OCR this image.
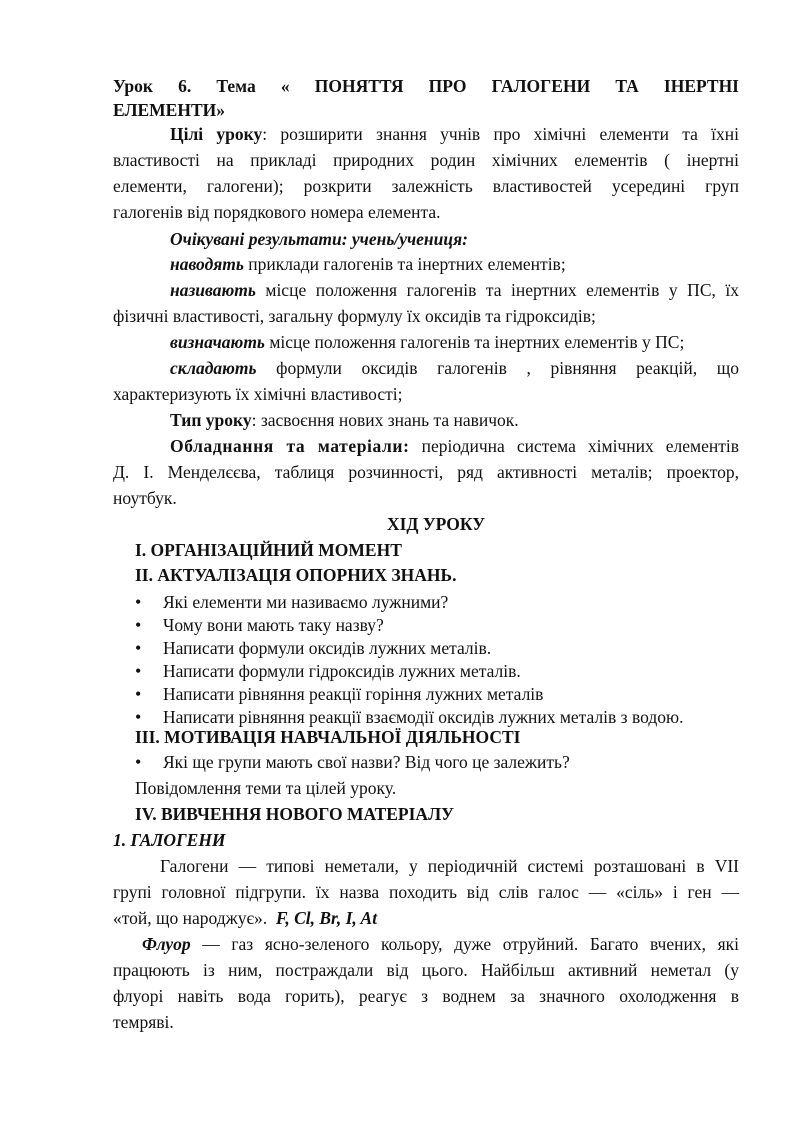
Урок 6. Тема « ПОНЯТТЯ ПРО ГАЛОГЕНИ ТА ІНЕРТНІ
ЕЛЕМЕНТИ»
Цілі уроку: розширити знання учнів про хімічні елементи та їхні
властивості на прикладі природних родин хімічних елементів ( інертні
елементи, галогени); розкрити залежність властивостей усередині груп
галогенів від порядкового номера елемента.
Очікувані результати: учень/учениця:
наводять приклади галогенів та інертних елементів;
називають місце положення галогенів та інертних елементів у ПС, їх
фізичні властивості, загальну формулу їх оксидів та гідроксидів;
визначають місце положення галогенів та інертних елементів у ПС;
складають формули оксидів галогенів , рівняння реакцій, що
характеризують їх хімічні властивості;
Тип уроку: засвоєння нових знань та навичок.
Обладнання та матеріали: періодична система хімічних елементів
Д. І. Менделєєва, таблиця розчинності, ряд активності металів; проектор,
ноутбук.
ХІД УРОКУ
І. ОРГАНІЗАЦІЙНИЙ МОМЕНТ
ІІ. АКТУАЛІЗАЦІЯ ОПОРНИХ ЗНАНЬ.
• Які елементи ми називаємо лужними?
• Чому вони мають таку назву?
• Написати формули оксидів лужних металів.
• Написати формули гідроксидів лужних металів.
• Написати рівняння реакції горіння лужних металів
• Написати рівняння реакції взаємодії оксидів лужних металів з водою.
ІІІ. МОТИВАЦІЯ НАВЧАЛЬНОЇ ДІЯЛЬНОСТІ
• Які ще групи мають свої назви? Від чого це залежить?
Повідомлення теми та цілей уроку.
ІV. ВИВЧЕННЯ НОВОГО МАТЕРІАЛУ
1. ГАЛОГЕНИ
Галогени — типові неметали, у періодичній системі розташовані в VII
групі головної підгрупи. їх назва походить від слів галос — «сіль» і ген —
«той, що народжує».  F, Cl, Br, I, At
Флуор — газ ясно-зеленого кольору, дуже отруйний. Багато вчених, які
працюють із ним, постраждали від цього. Найбільш активний неметал (у
флуорі навіть вода горить), реагує з воднем за значного охолодження в
темряві.
